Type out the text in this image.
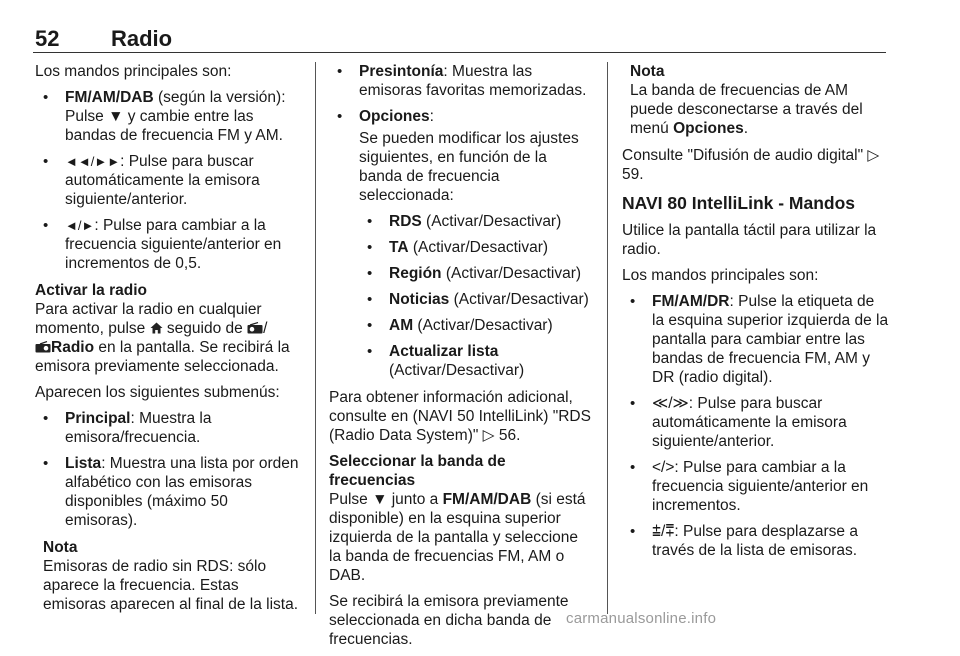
52 Radio

Los mandos principales son:

• FM/AM/DAB (según la versión): Pulse ▼ y cambie entre las bandas de frecuencia FM y AM.
• ◄◄/►►: Pulse para buscar automáticamente la emisora siguiente/anterior.
• ◄/►: Pulse para cambiar a la frecuencia siguiente/anterior en incrementos de 0,5.
Activar la radio

Para activar la radio en cualquier momento, pulse  seguido de /
Radio en la pantalla. Se recibirá la emisora previamente seleccionada.

Aparecen los siguientes submenús:

• Principal: Muestra la emisora/frecuencia.
• Lista: Muestra una lista por orden alfabético con las emisoras disponibles (máximo 50 emisoras).
Nota
Emisoras de radio sin RDS: sólo aparece la frecuencia. Estas emisoras aparecen al final de la lista.
• Presintonía: Muestra las emisoras favoritas memorizadas.
• Opciones:

Se pueden modificar los ajustes siguientes, en función de la banda de frecuencia seleccionada:

• RDS (Activar/Desactivar)
• TA (Activar/Desactivar)
• Región (Activar/Desactivar)
• Noticias (Activar/Desactivar)
• AM (Activar/Desactivar)
• Actualizar lista (Activar/Desactivar)

Para obtener información adicional, consulte en (NAVI 50 IntelliLink) "RDS (Radio Data System)" ▷ 56.

Seleccionar la banda de frecuencias

Pulse ▼ junto a FM/AM/DAB (si está disponible) en la esquina superior izquierda de la pantalla y seleccione la banda de frecuencias FM, AM o DAB.

Se recibirá la emisora previamente seleccionada en dicha banda de frecuencias.

Nota
La banda de frecuencias de AM puede desconectarse a través del menú Opciones.

Consulte "Difusión de audio digital" ▷ 59.

NAVI 80 IntelliLink - Mandos

Utilice la pantalla táctil para utilizar la radio.

Los mandos principales son:

• FM/AM/DR: Pulse la etiqueta de la esquina superior izquierda de la pantalla para cambiar entre las bandas de frecuencia FM, AM y DR (radio digital).
• ≪/≫: Pulse para buscar automáticamente la emisora siguiente/anterior.
• </>: Pulse para cambiar a la frecuencia siguiente/anterior en incrementos.
• ⩲/⩱: Pulse para desplazarse a través de la lista de emisoras.
carmanualsonline.info
